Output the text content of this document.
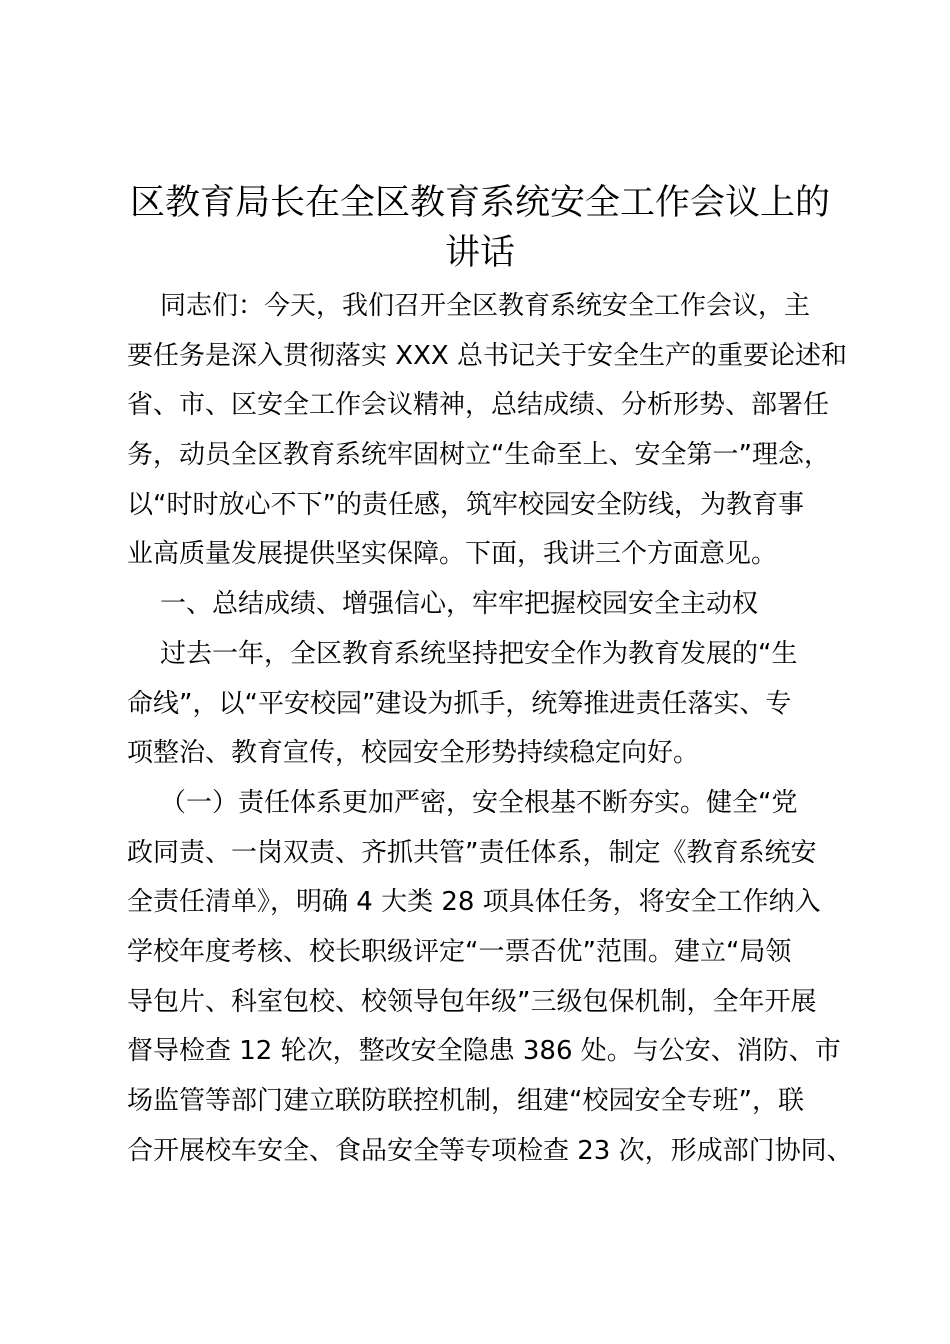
区教育局长在全区教育系统安全工作会议上的
讲话
同志们：今天，我们召开全区教育系统安全工作会议，主
要任务是深入贯彻落实 XXX 总书记关于安全生产的重要论述和
省、市、区安全工作会议精神，总结成绩、分析形势、部署任
务，动员全区教育系统牢固树立“生命至上、安全第一”理念，
以“时时放心不下”的责任感，筑牢校园安全防线，为教育事
业高质量发展提供坚实保障。下面，我讲三个方面意见。
一、总结成绩、增强信心，牢牢把握校园安全主动权
过去一年，全区教育系统坚持把安全作为教育发展的“生
命线”，以“平安校园”建设为抓手，统筹推进责任落实、专
项整治、教育宣传，校园安全形势持续稳定向好。
（一）责任体系更加严密，安全根基不断夯实。健全“党
政同责、一岗双责、齐抓共管”责任体系，制定《教育系统安
全责任清单》，明确 4 大类 28 项具体任务，将安全工作纳入
学校年度考核、校长职级评定“一票否优”范围。建立“局领
导包片、科室包校、校领导包年级”三级包保机制，全年开展
督导检查 12 轮次，整改安全隐患 386 处。与公安、消防、市
场监管等部门建立联防联控机制，组建“校园安全专班”，联
合开展校车安全、食品安全等专项检查 23 次，形成部门协同、
